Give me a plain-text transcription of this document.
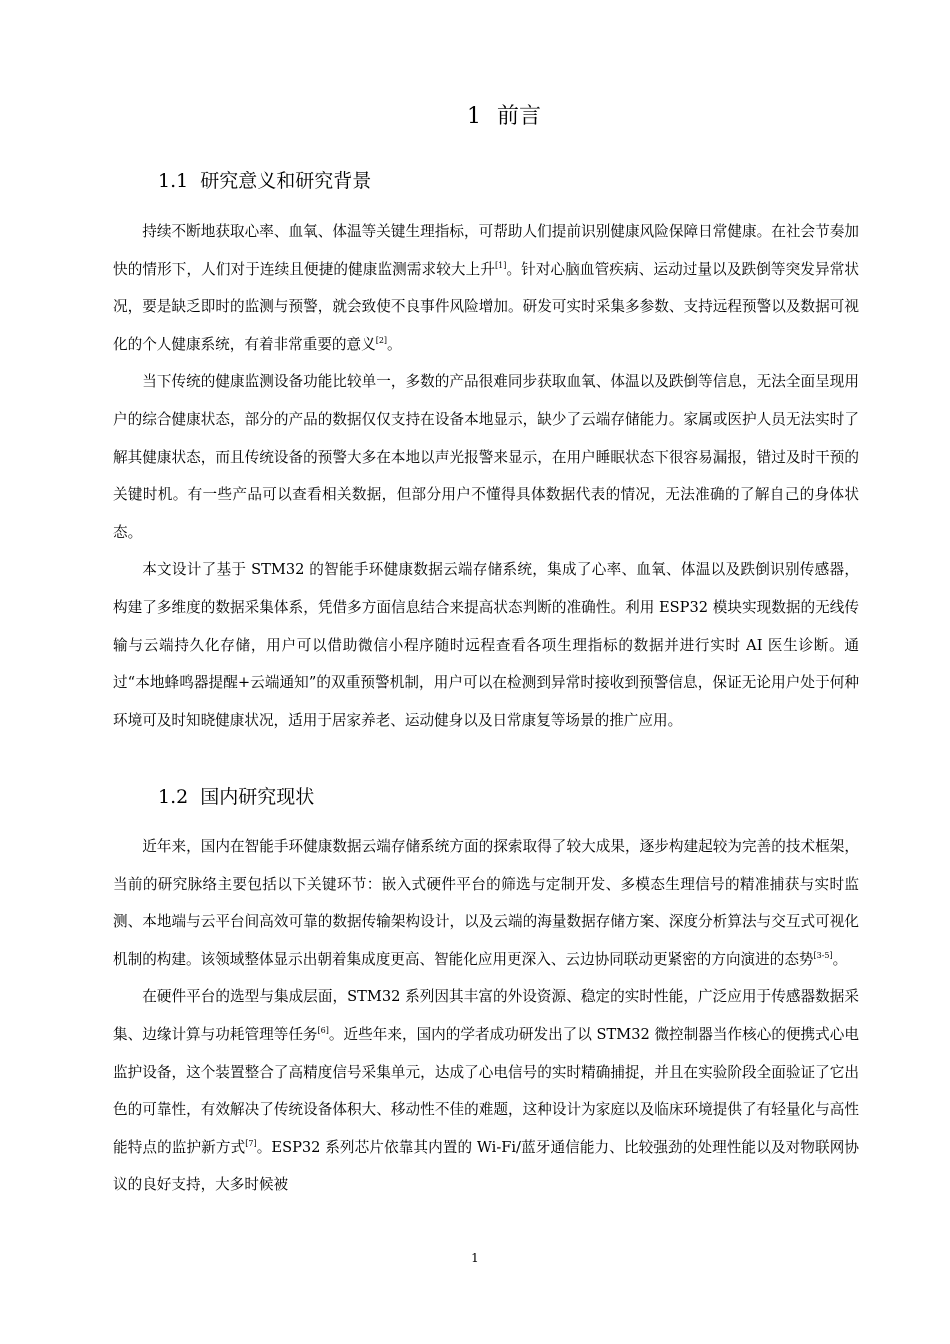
1 前言
1.1 研究意义和研究背景

持续不断地获取心率、血氧、体温等关键生理指标，可帮助人们提前识别健康风险保障日常健康。在社会节奏加快的情形下，人们对于连续且便捷的健康监测需求较大上升[1]。针对心脑血管疾病、运动过量以及跌倒等突发异常状况，要是缺乏即时的监测与预警，就会致使不良事件风险增加。研发可实时采集多参数、支持远程预警以及数据可视化的个人健康系统，有着非常重要的意义[2]。

当下传统的健康监测设备功能比较单一，多数的产品很难同步获取血氧、体温以及跌倒等信息，无法全面呈现用户的综合健康状态，部分的产品的数据仅仅支持在设备本地显示，缺少了云端存储能力。家属或医护人员无法实时了解其健康状态，而且传统设备的预警大多在本地以声光报警来显示，在用户睡眠状态下很容易漏报，错过及时干预的关键时机。有一些产品可以查看相关数据，但部分用户不懂得具体数据代表的情况，无法准确的了解自己的身体状态。

本文设计了基于 STM32 的智能手环健康数据云端存储系统，集成了心率、血氧、体温以及跌倒识别传感器，构建了多维度的数据采集体系，凭借多方面信息结合来提高状态判断的准确性。利用 ESP32 模块实现数据的无线传输与云端持久化存储，用户可以借助微信小程序随时远程查看各项生理指标的数据并进行实时 AI 医生诊断。通过“本地蜂鸣器提醒+云端通知”的双重预警机制，用户可以在检测到异常时接收到预警信息，保证无论用户处于何种环境可及时知晓健康状况，适用于居家养老、运动健身以及日常康复等场景的推广应用。

1.2 国内研究现状

近年来，国内在智能手环健康数据云端存储系统方面的探索取得了较大成果，逐步构建起较为完善的技术框架，当前的研究脉络主要包括以下关键环节：嵌入式硬件平台的筛选与定制开发、多模态生理信号的精准捕获与实时监测、本地端与云平台间高效可靠的数据传输架构设计，以及云端的海量数据存储方案、深度分析算法与交互式可视化机制的构建。该领域整体显示出朝着集成度更高、智能化应用更深入、云边协同联动更紧密的方向演进的态势[3-5]。

在硬件平台的选型与集成层面，STM32 系列因其丰富的外设资源、稳定的实时性能，广泛应用于传感器数据采集、边缘计算与功耗管理等任务[6]。近些年来，国内的学者成功研发出了以 STM32 微控制器当作核心的便携式心电监护设备，这个装置整合了高精度信号采集单元，达成了心电信号的实时精确捕捉，并且在实验阶段全面验证了它出色的可靠性，有效解决了传统设备体积大、移动性不佳的难题，这种设计为家庭以及临床环境提供了有轻量化与高性能特点的监护新方式[7]。ESP32 系列芯片依靠其内置的 Wi-Fi/蓝牙通信能力、比较强劲的处理性能以及对物联网协议的良好支持，大多时候被

1
